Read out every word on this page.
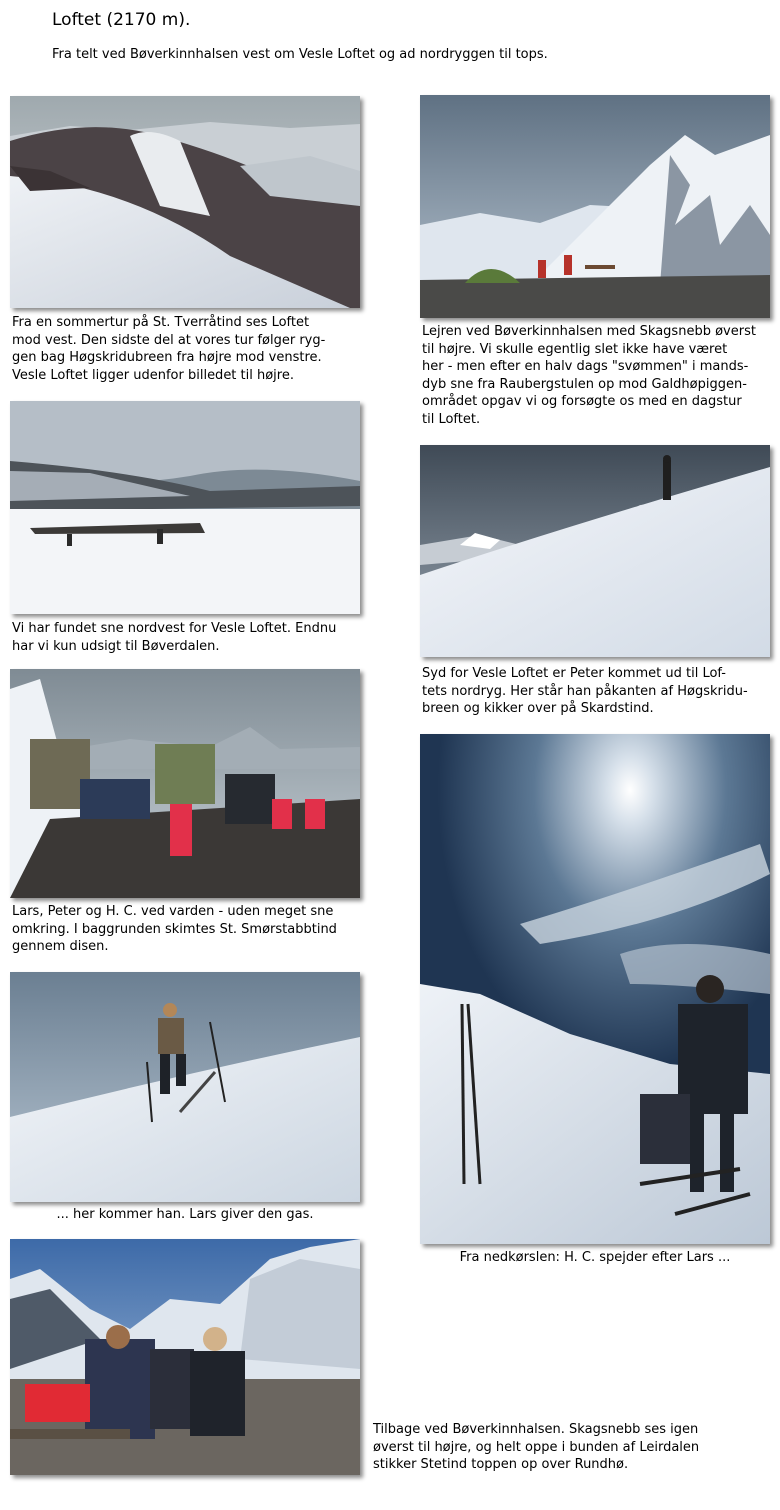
Loftet (2170 m).
Fra telt ved Bøverkinnhalsen vest om Vesle Loftet og ad nordryggen til tops.
Fra en sommertur på St. Tverråtind ses Loftet
mod vest. Den sidste del at vores tur følger ryg-
gen bag Høgskridubreen fra højre mod venstre.
Vesle Loftet ligger udenfor billedet til højre.
Lejren ved Bøverkinnhalsen med Skagsnebb øverst
til højre. Vi skulle egentlig slet ikke have været
her - men efter en halv dags "svømmen" i mands-
dyb sne fra Raubergstulen op mod Galdhøpiggen-
området opgav vi og forsøgte os med en dagstur
til Loftet.
Vi har fundet sne nordvest for Vesle Loftet. Endnu
har vi kun udsigt til Bøverdalen.
Syd for Vesle Loftet er Peter kommet ud til Lof-
tets nordryg. Her står han påkanten af Høgskridu-
breen og kikker over på Skardstind.
Lars, Peter og H. C. ved varden - uden meget sne
omkring. I baggrunden skimtes St. Smørstabbtind
gennem disen.
Fra nedkørslen: H. C. spejder efter Lars ...
... her kommer han. Lars giver den gas.
Tilbage ved Bøverkinnhalsen. Skagsnebb ses igen
øverst til højre, og helt oppe i bunden af Leirdalen
stikker Stetind toppen op over Rundhø.
